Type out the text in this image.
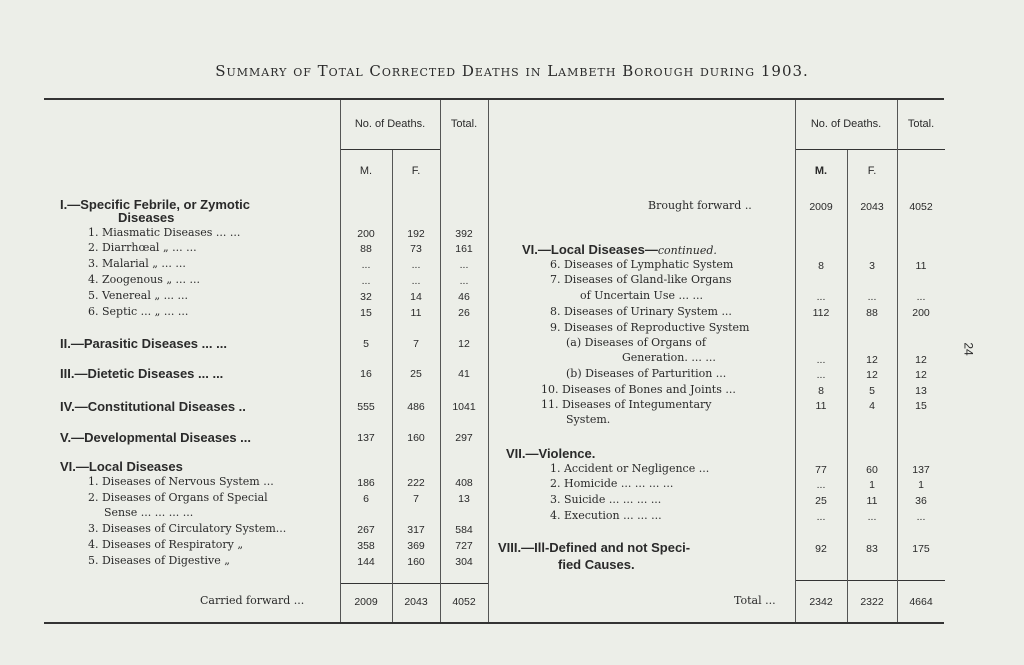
Summary of Total Corrected Deaths in Lambeth Borough during 1903.
24
No. of Deaths.	Total.
M.	F.
No. of Deaths.	Total.
M.	F.
I.—Specific Febrile, or Zymotic
Diseases
1. Miasmatic Diseases ... ...	200	192	392
2. Diarrhœal „ ... ...	88	73	161
3. Malarial „ ... ...	...	...	...
4. Zoogenous „ ... ...	...	...	...
5. Venereal „ ... ...	32	14	46
6. Septic ... „ ... ...	15	11	26
II.—Parasitic Diseases ... ...	5	7	12
III.—Dietetic Diseases ... ...	16	25	41
IV.—Constitutional Diseases ..	555	486	1041
V.—Developmental Diseases ...	137	160	297
VI.—Local Diseases
1. Diseases of Nervous System ...	186	222	408
2. Diseases of Organs of Special	6	7	13
Sense ... ... ... ...
3. Diseases of Circulatory System...	267	317	584
4. Diseases of Respiratory „	358	369	727
5. Diseases of Digestive „	144	160	304
Carried forward ...	2009	2043	4052
Brought forward ..	2009	2043	4052
VI.—Local Diseases—continued.
6. Diseases of Lymphatic System	8	3	11
7. Diseases of Gland-like Organs
of Uncertain Use ... ...	...	...	...
8. Diseases of Urinary System ...	112	88	200
9. Diseases of Reproductive System
(a) Diseases of Organs of
Generation. ... ...	...	12	12
(b) Diseases of Parturition ...	...	12	12
10. Diseases of Bones and Joints ...	8	5	13
11. Diseases of Integumentary	11	4	15
System.
VII.—Violence.
1. Accident or Negligence ...	77	60	137
2. Homicide ... ... ... ...	...	1	1
3. Suicide ... ... ... ...	25	11	36
4. Execution ... ... ...	...	...	...
VIII.—Ill-Defined and not Speci-	92	83	175
fied Causes.
Total ...	2342	2322	4664
